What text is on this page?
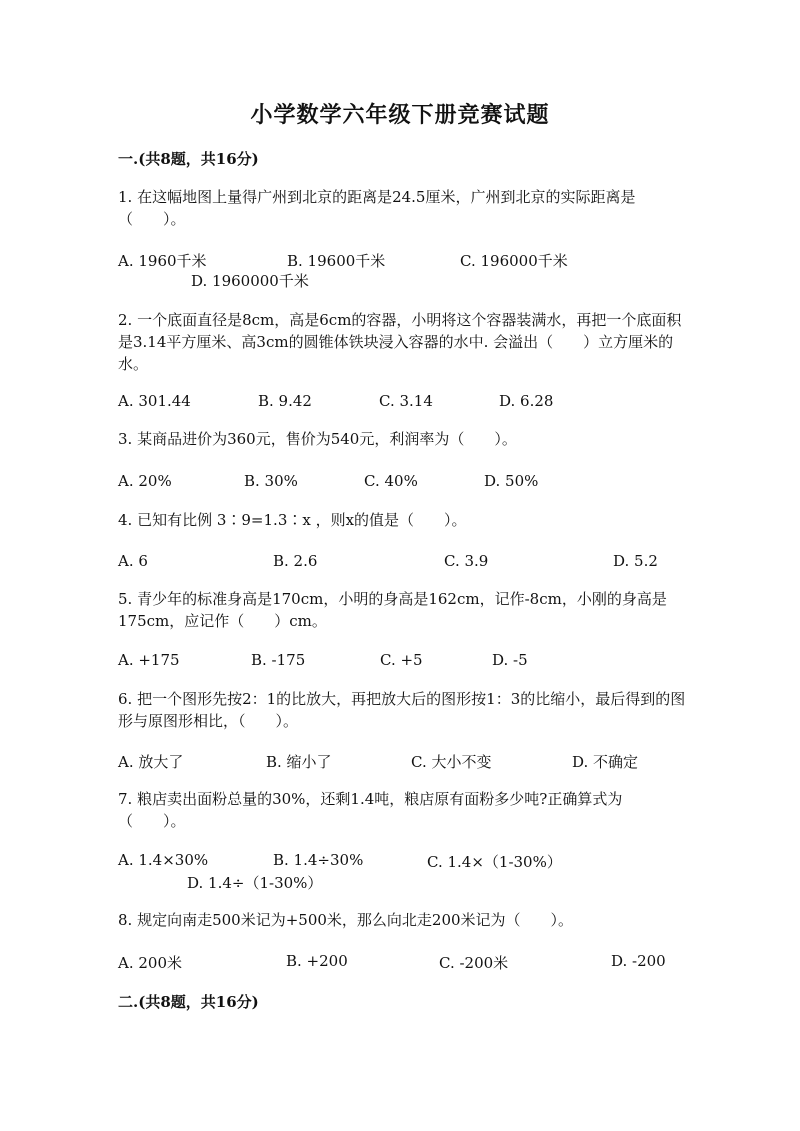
小学数学六年级下册竞赛试题
一.(共8题，共16分)
1. 在这幅地图上量得广州到北京的距离是24.5厘米，广州到北京的实际距离是（　　）。
A. 1960千米	B. 19600千米	C. 196000千米
D. 1960000千米
2. 一个底面直径是8cm，高是6cm的容器，小明将这个容器装满水，再把一个底面积是3.14平方厘米、高3cm的圆锥体铁块浸入容器的水中. 会溢出（　　）立方厘米的水。
A. 301.44	B. 9.42	C. 3.14	D. 6.28
3. 某商品进价为360元，售价为540元，利润率为（　　）。
A. 20%	B. 30%	C. 40%	D. 50%
4. 已知有比例 3∶9=1.3∶x ，则x的值是（　　）。
A. 6	B. 2.6	C. 3.9	D. 5.2
5. 青少年的标准身高是170cm，小明的身高是162cm，记作-8cm，小刚的身高是175cm，应记作（　　）cm。
A. +175	B. -175	C. +5	D. -5
6. 把一个图形先按2：1的比放大，再把放大后的图形按1：3的比缩小，最后得到的图形与原图形相比，（　　）。
A. 放大了	B. 缩小了	C. 大小不变	D. 不确定
7. 粮店卖出面粉总量的30%，还剩1.4吨，粮店原有面粉多少吨?正确算式为（　　）。
A. 1.4×30%	B. 1.4÷30%	C. 1.4×（1-30%）
D. 1.4÷（1-30%）
8. 规定向南走500米记为+500米，那么向北走200米记为（　　）。
A. 200米	B. +200	C. -200米	D. -200
二.(共8题，共16分)
